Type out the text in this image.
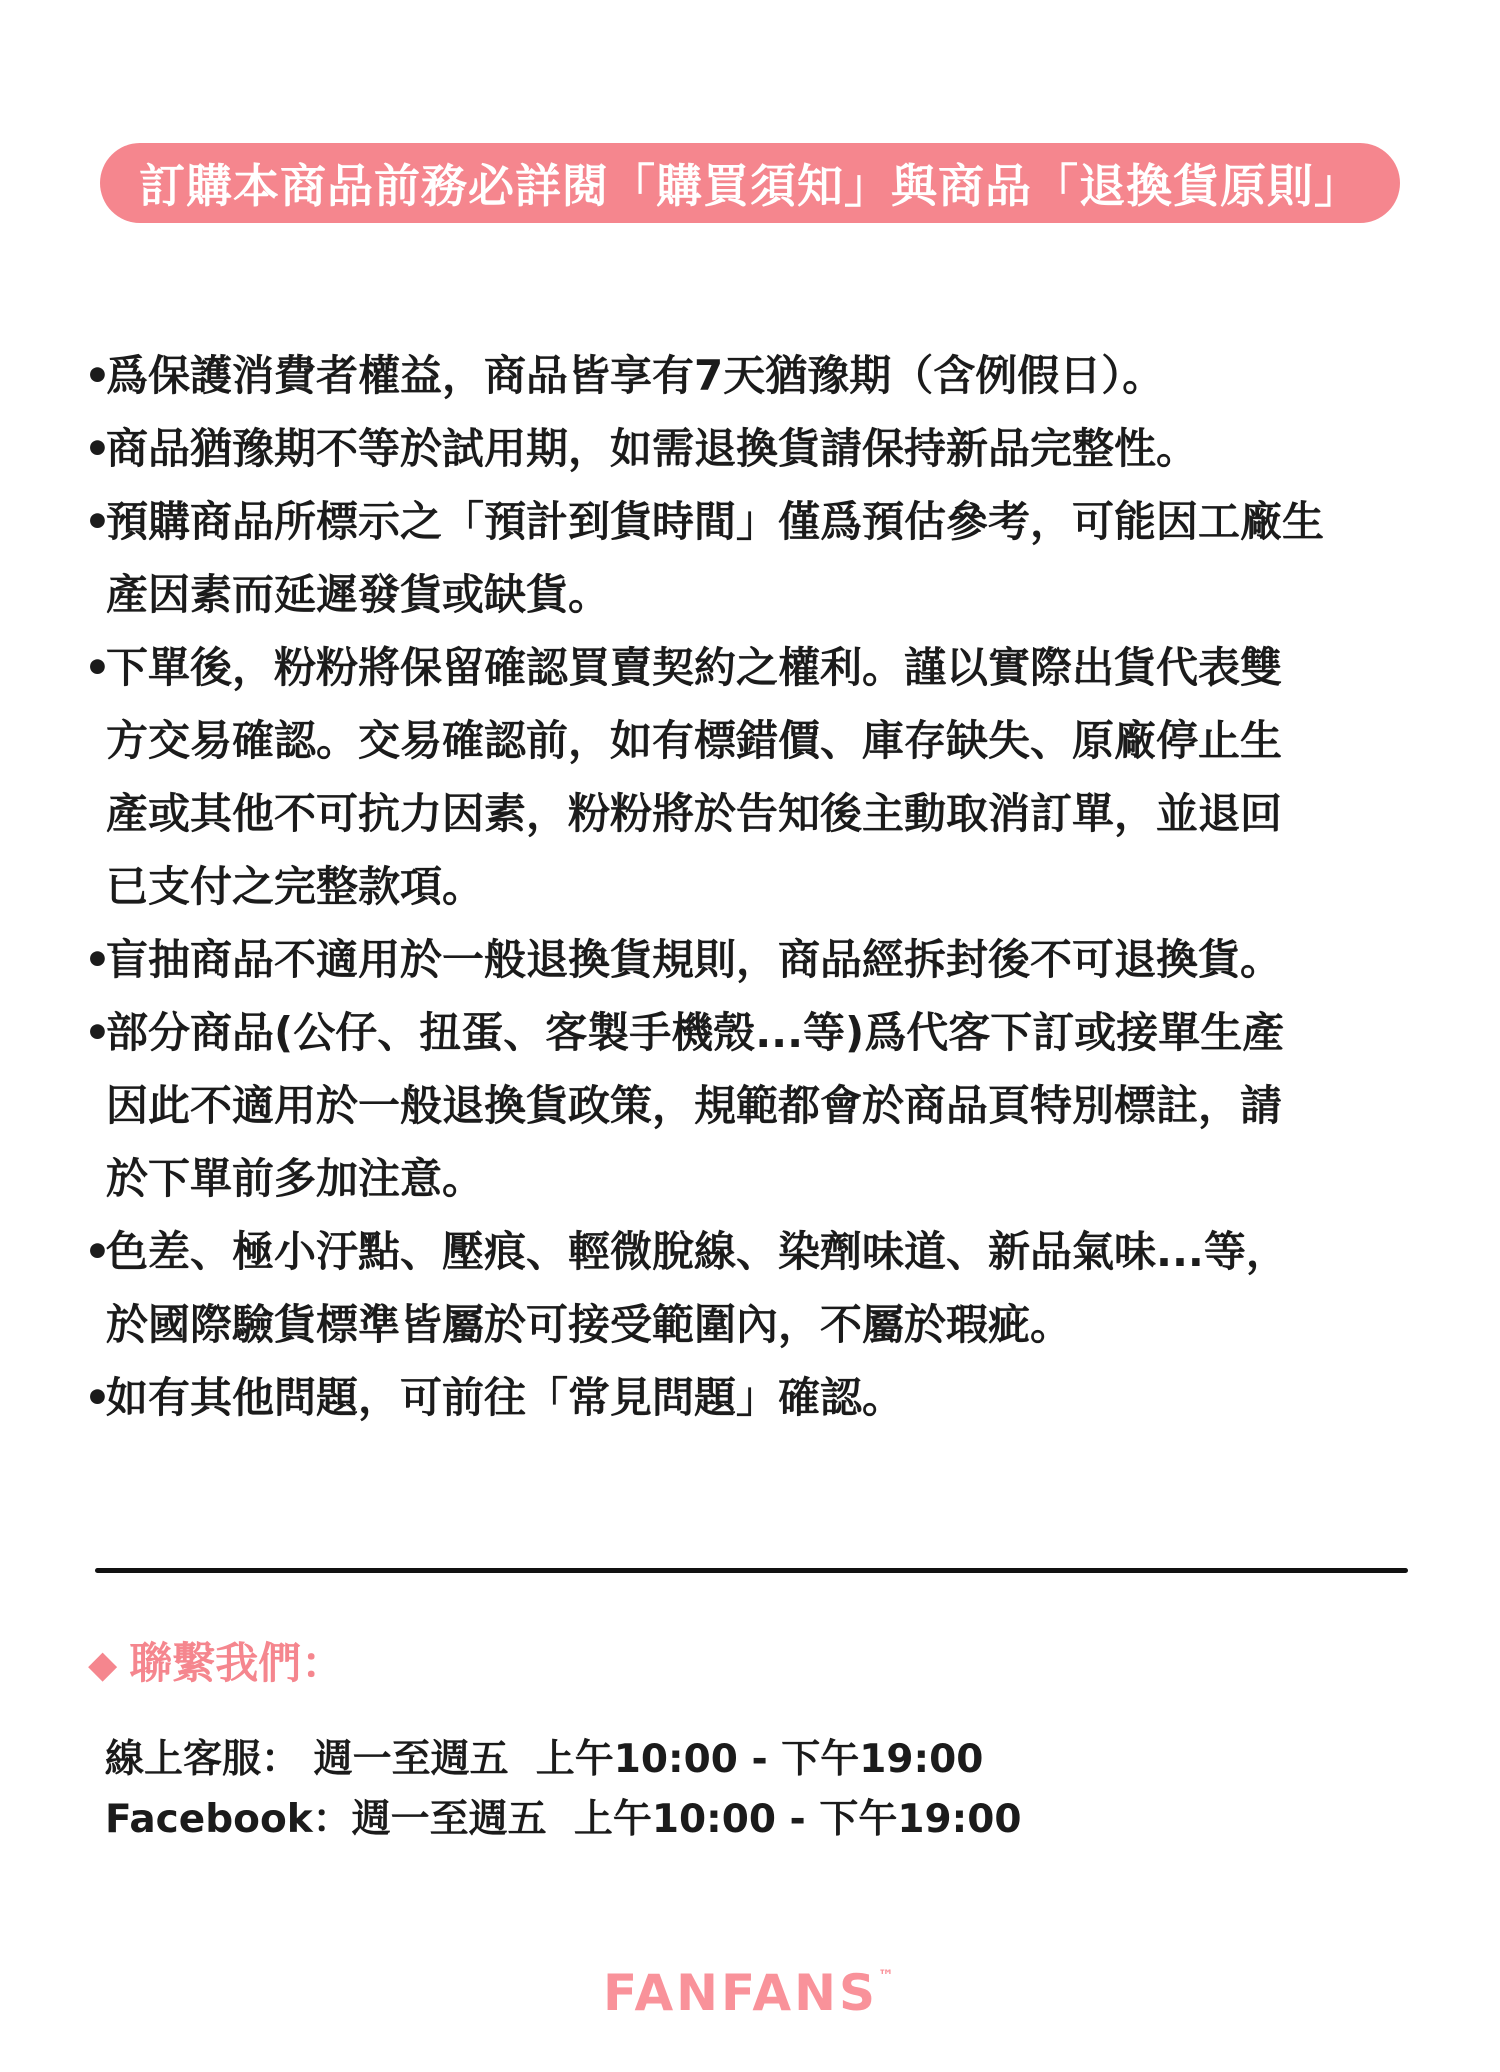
訂購本商品前務必詳閱「購買須知」與商品「退換貨原則」
•
爲保護消費者權益，商品皆享有7天猶豫期（含例假日）。
•
商品猶豫期不等於試用期，如需退換貨請保持新品完整性。
•
預購商品所標示之「預計到貨時間」僅爲預估參考，可能因工廠生
產因素而延遲發貨或缺貨。
•
下單後，粉粉將保留確認買賣契約之權利。謹以實際出貨代表雙
方交易確認。交易確認前，如有標錯價、庫存缺失、原廠停止生
產或其他不可抗力因素，粉粉將於告知後主動取消訂單，並退回
已支付之完整款項。
•
盲抽商品不適用於一般退換貨規則，商品經拆封後不可退換貨。
•
部分商品(公仔、扭蛋、客製手機殼...等)爲代客下訂或接單生產
因此不適用於一般退換貨政策，規範都會於商品頁特別標註，請
於下單前多加注意。
•
色差、極小汙點、壓痕、輕微脫線、染劑味道、新品氣味...等，
於國際驗貨標準皆屬於可接受範圍內，不屬於瑕疵。
•
如有其他問題，可前往「常見問題」確認。
◆ 聯繫我們：
線上客服： 週一至週五  上午10:00 - 下午19:00
Facebook：週一至週五  上午10:00 - 下午19:00
FANFANS™
